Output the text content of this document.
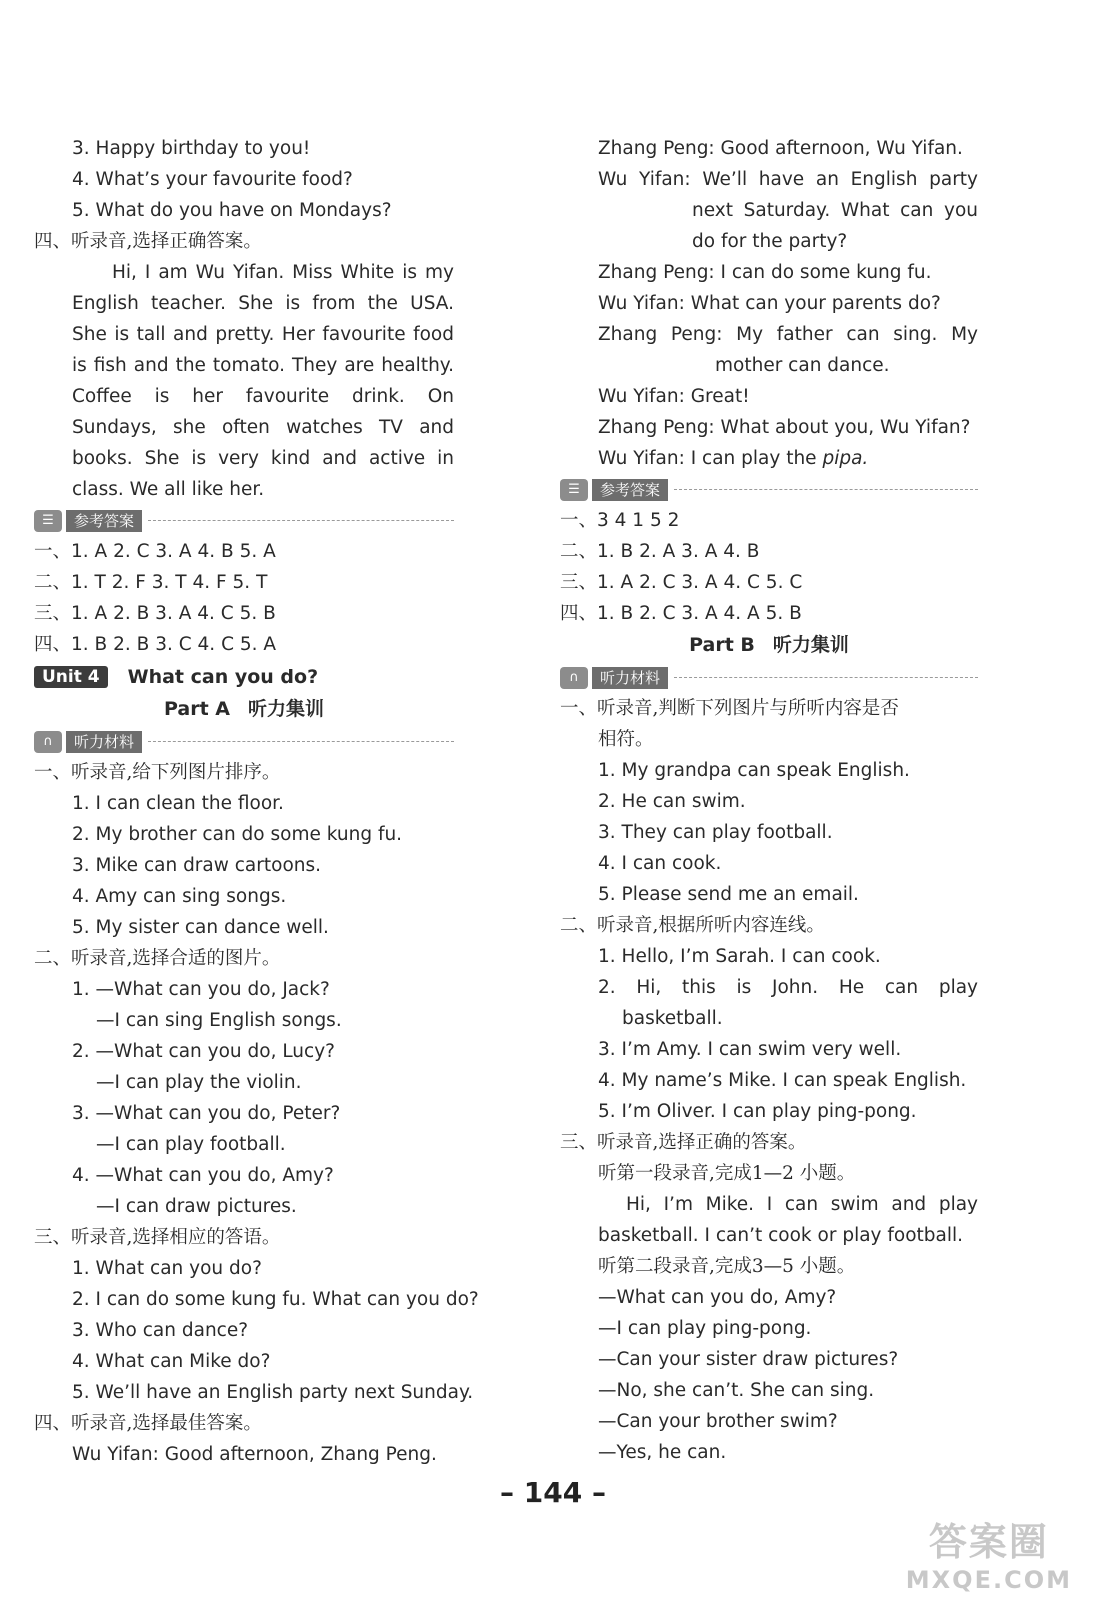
3. Happy birthday to you!
4. What’s your favourite food?
5. What do you have on Mondays?
四、听录音,选择正确答案。
Hi, I am Wu Yifan. Miss White is my
English teacher. She is from the USA.
She is tall and pretty. Her favourite food
is fish and the tomato. They are healthy.
Coffee is her favourite drink. On
Sundays, she often watches TV and
books. She is very kind and active in
class. We all like her.
☰	参考答案
一、1. A 2. C 3. A 4. B 5. A
二、1. T 2. F 3. T 4. F 5. T
三、1. A 2. B 3. A 4. C 5. B
四、1. B 2. B 3. C 4. C 5. A
Unit 4	What can you do?
Part A 听力集训
∩	听力材料
一、听录音,给下列图片排序。
1. I can clean the floor.
2. My brother can do some kung fu.
3. Mike can draw cartoons.
4. Amy can sing songs.
5. My sister can dance well.
二、听录音,选择合适的图片。
1. —What can you do, Jack?
—I can sing English songs.
2. —What can you do, Lucy?
—I can play the violin.
3. —What can you do, Peter?
—I can play football.
4. —What can you do, Amy?
—I can draw pictures.
三、听录音,选择相应的答语。
1. What can you do?
2. I can do some kung fu. What can you do?
3. Who can dance?
4. What can Mike do?
5. We’ll have an English party next Sunday.
四、听录音,选择最佳答案。
Wu Yifan: Good afternoon, Zhang Peng.
Zhang Peng: Good afternoon, Wu Yifan.
Wu Yifan: We’ll have an English party
next Saturday. What can you
do for the party?
Zhang Peng: I can do some kung fu.
Wu Yifan: What can your parents do?
Zhang Peng: My father can sing. My
mother can dance.
Wu Yifan: Great!
Zhang Peng: What about you, Wu Yifan?
Wu Yifan: I can play the pipa.
☰	参考答案
一、3 4 1 5 2
二、1. B 2. A 3. A 4. B
三、1. A 2. C 3. A 4. C 5. C
四、1. B 2. C 3. A 4. A 5. B
Part B 听力集训
∩	听力材料
一、听录音,判断下列图片与所听内容是否
相符。
1. My grandpa can speak English.
2. He can swim.
3. They can play football.
4. I can cook.
5. Please send me an email.
二、听录音,根据所听内容连线。
1. Hello, I’m Sarah. I can cook.
2. Hi, this is John. He can play
basketball.
3. I’m Amy. I can swim very well.
4. My name’s Mike. I can speak English.
5. I’m Oliver. I can play ping-pong.
三、听录音,选择正确的答案。
听第一段录音,完成1—2 小题。
Hi, I’m Mike. I can swim and play
basketball. I can’t cook or play football.
听第二段录音,完成3—5 小题。
—What can you do, Amy?
—I can play ping-pong.
—Can your sister draw pictures?
—No, she can’t. She can sing.
—Can your brother swim?
—Yes, he can.
– 144 –
答案圈
MXQE.COM
